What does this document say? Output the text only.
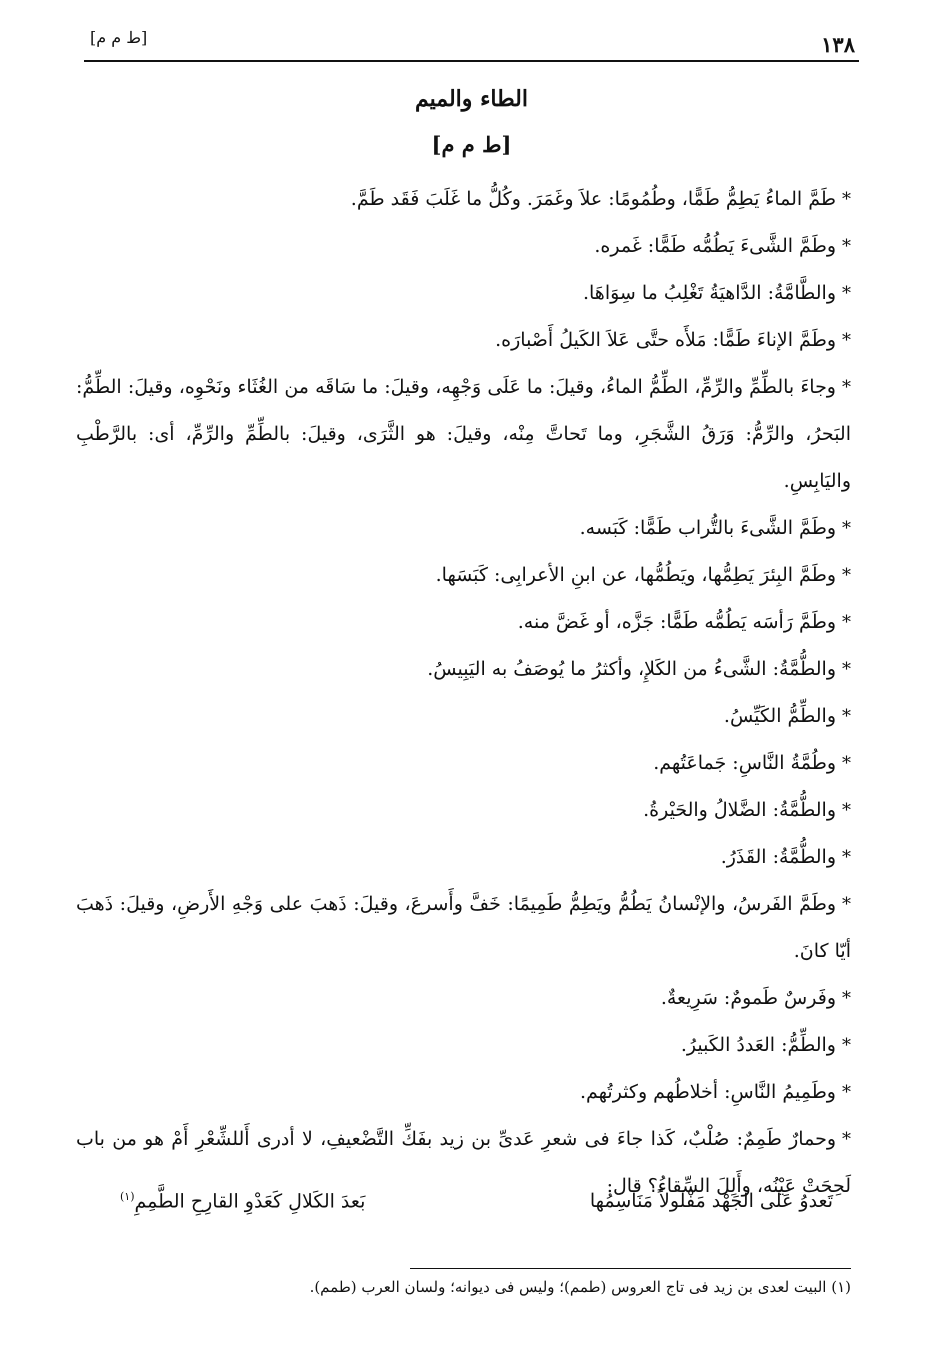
١٣٨
[ط م م]
الطاء والميم
[ط م م]

*طَمَّ الماءُ يَطِمُّ طَمًّا، وطُمُومًا: علاَ وغَمَرَ. وكُلُّ ما غَلَبَ فَقَد طَمَّ.

*وطَمَّ الشَّىءَ يَطُمُّه طَمًّا: غَمره.

*والطَّامَّةُ: الدَّاهيَةُ تَغْلِبُ ما سِوَاهَا.

*وطَمَّ الإناءَ طَمًّا: مَلأَه حتَّى عَلاَ الكَيلُ أَصْبارَه.

*وجاءَ بالطِّمِّ والرِّمِّ، الطِّمُّ الماءُ، وقيلَ: ما عَلَى وَجْهِه، وقيلَ: ما سَاقَه من الغُثَاء ونَحْوِه، وقيلَ: الطِّمُّ: البَحرُ، والرِّمُّ: وَرَقُ الشَّجَرِ، وما تَحاتَّ مِنْه، وقيلَ: هو الثَّرَى، وقيلَ: بالطِّمِّ والرِّمِّ، أى: بالرَّطْبِ واليَابِسِ.

*وطَمَّ الشَّىءَ بالتُّراب طَمًّا: كَبَسه.

*وطَمَّ البِئرَ يَطِمُّها، ويَطُمُّها، عن ابنِ الأعرابِى: كَبَسَها.

*وطَمَّ رَأسَه يَطُمُّه طَمًّا: جَزَّه، أو غَضَّ منه.

*والطُّمَّةُ: الشَّىءُ من الكَلإِ، وأكثرُ ما يُوصَفُ به اليَبِيسُ.

*والطِّمُّ الكَيِّسُ.

*وطُمَّةُ النَّاسِ: جَماعَتُهم.

*والطُّمَّةُ: الضَّلالُ والحَيْرةُ.

*والطُّمَّةُ: القَذَرُ.

*وطَمَّ الفَرسُ، والإنْسانُ يَطُمُّ ويَطِمُّ طَمِيمًا: خَفَّ وأَسرعَ، وقيلَ: ذَهبَ على وَجْهِ الأَرضِ، وقيلَ: ذَهبَ أيّا كانَ.

*وفَرسٌ طَمومٌ: سَرِيعةٌ.

*والطِّمُّ: العَددُ الكَبيرُ.

*وطَمِيمُ النَّاسِ: أخلاطُهم وكثرتُهم.

*وحمارٌ طَمِمٌ: صُلْبٌ، كَذا جاءَ فى شعرِ عَدىِّ بن زيد بفَكِّ التَّضْعيفِ، لا أدرى أَللشِّعْرِ أَمْ هو من باب لَحِحَتْ عَيْنُه، وأَلِلَ السِّقاءُ؟ قال:

تَعدوُ عَلَى الجَهْد مَفْلولاً مَنَاسِمُها
بَعدَ الكَلالِ كَعَدْوِ القارِحِ الطَّمِمِ$^{(١)}$
(١) البيت لعدى بن زيد فى تاج العروس (طمم)؛ وليس فى ديوانه؛ ولسان العرب (طمم).
